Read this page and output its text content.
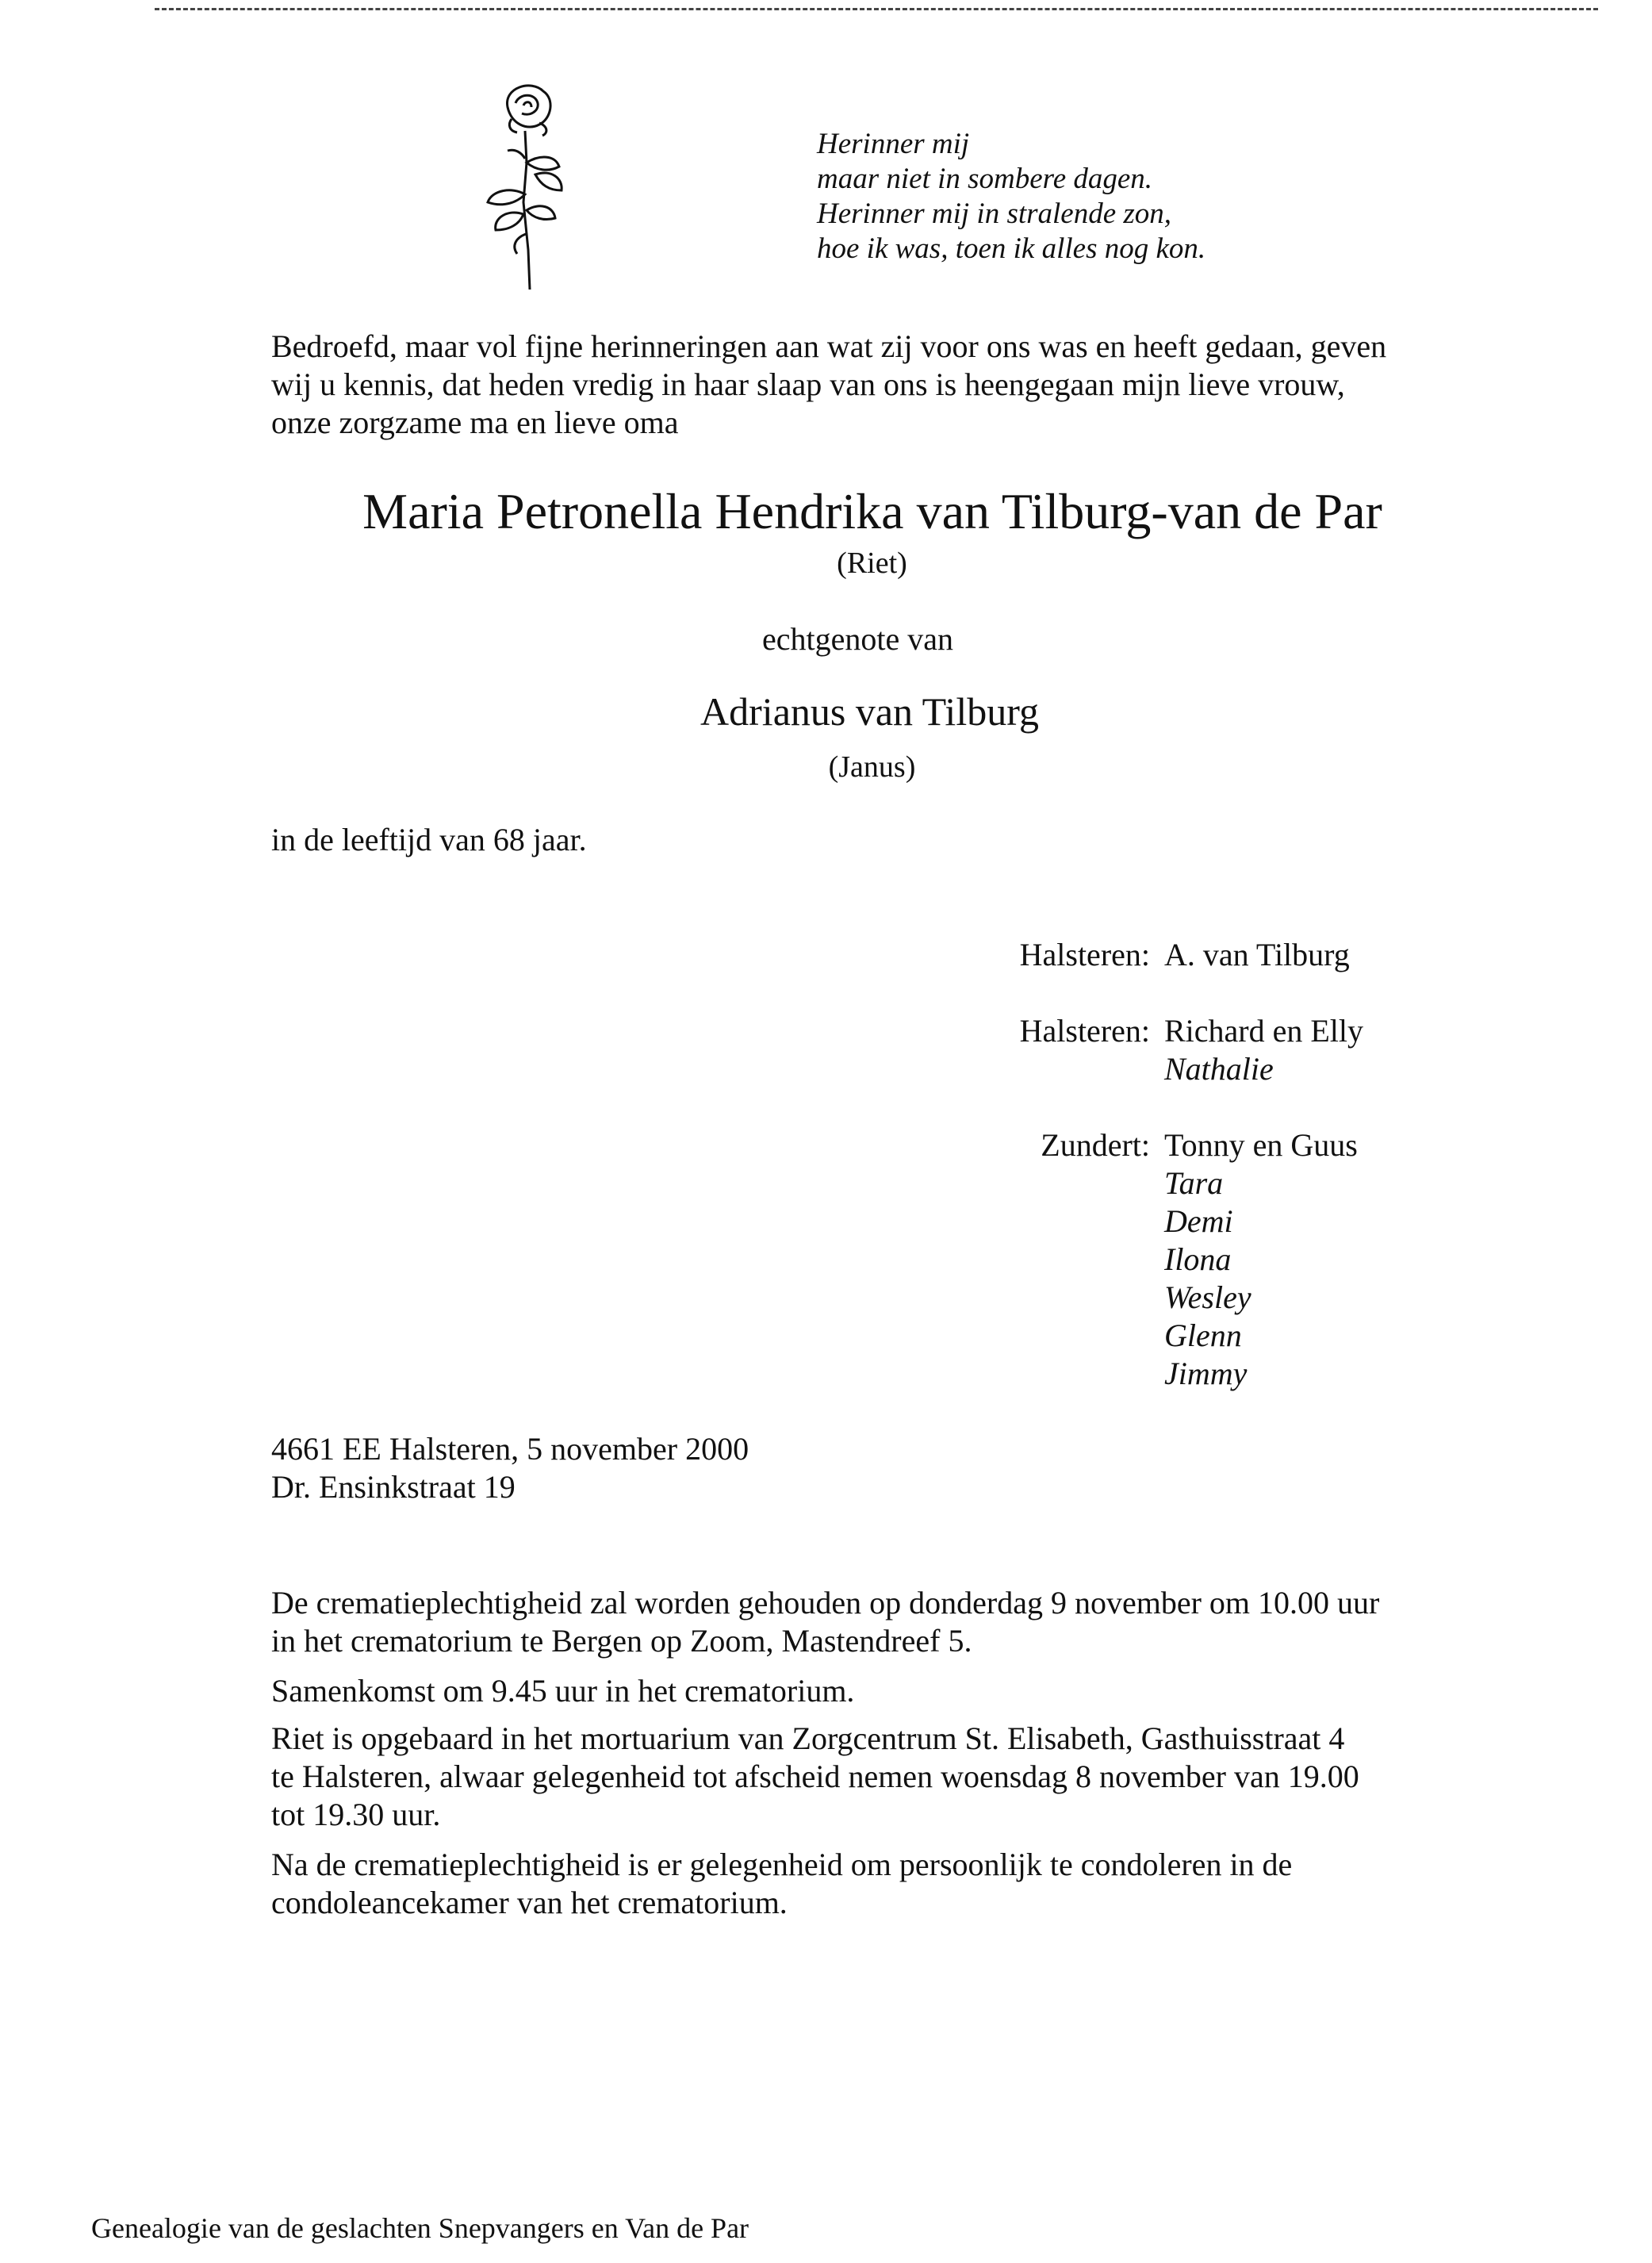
Herinner mij
maar niet in sombere dagen.
Herinner mij in stralende zon,
hoe ik was, toen ik alles nog kon.
Bedroefd, maar vol fijne herinneringen aan wat zij voor ons was en heeft gedaan, geven
wij u kennis, dat heden vredig in haar slaap van ons is heengegaan mijn lieve vrouw,
onze zorgzame ma en lieve oma
Maria Petronella Hendrika van Tilburg-van de Par
(Riet)
echtgenote van
Adrianus van Tilburg
(Janus)
in de leeftijd van 68 jaar.
Halsteren: A. van Tilburg
Halsteren: Richard en Elly
Nathalie
Zundert: Tonny en Guus
Tara
Demi
Ilona
Wesley
Glenn
Jimmy
4661 EE Halsteren, 5 november 2000
Dr. Ensinkstraat 19
De crematieplechtigheid zal worden gehouden op donderdag 9 november om 10.00 uur
in het crematorium te Bergen op Zoom, Mastendreef 5.
Samenkomst om 9.45 uur in het crematorium.
Riet is opgebaard in het mortuarium van Zorgcentrum St. Elisabeth, Gasthuisstraat 4
te Halsteren, alwaar gelegenheid tot afscheid nemen woensdag 8 november van 19.00
tot 19.30 uur.
Na de crematieplechtigheid is er gelegenheid om persoonlijk te condoleren in de
condoleancekamer van het crematorium.
Genealogie van de geslachten Snepvangers en Van de Par
